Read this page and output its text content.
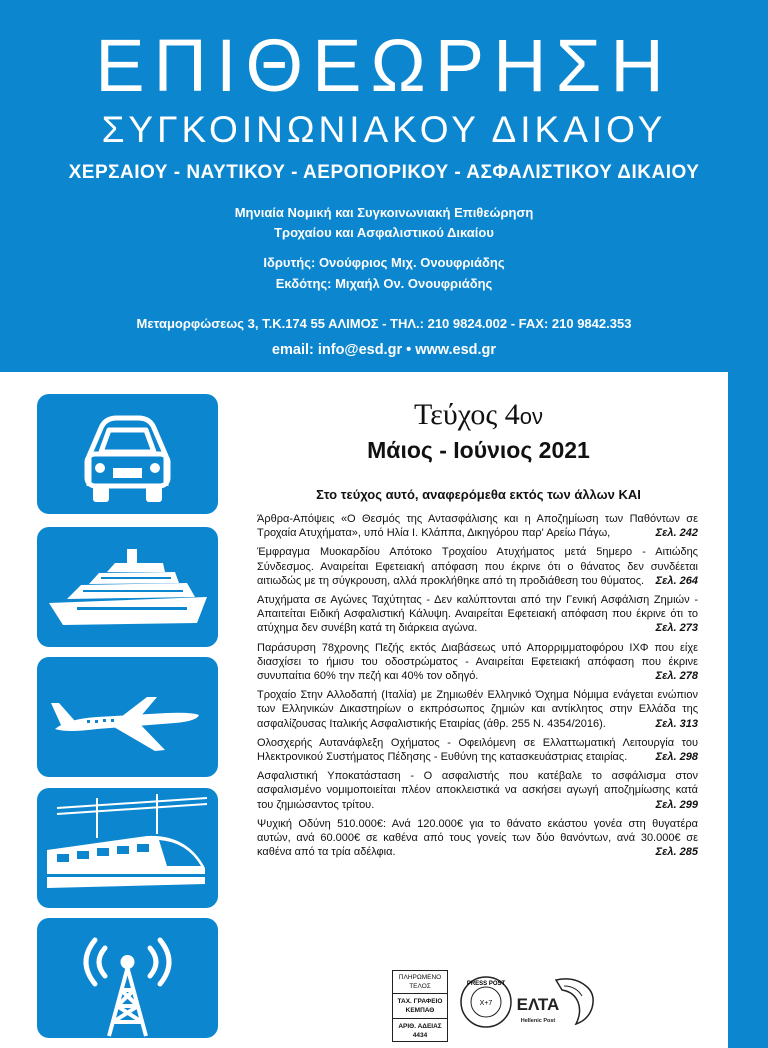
ΕΠΙΘΕΩΡΗΣΗ
ΣΥΓΚΟΙΝΩΝΙΑΚΟΥ ΔΙΚΑΙΟΥ
ΧΕΡΣΑΙΟΥ - ΝΑΥΤΙΚΟΥ - ΑΕΡΟΠΟΡΙΚΟΥ - ΑΣΦΑΛΙΣΤΙΚΟΥ ΔΙΚΑΙΟΥ
Μηνιαία Νομική και Συγκοινωνιακή Επιθεώρηση
Τροχαίου και Ασφαλιστικού Δικαίου
Ιδρυτής: Ονούφριος Μιχ. Ονουφριάδης
Εκδότης: Μιχαήλ Ον. Ονουφριάδης
Μεταμορφώσεως 3, Τ.Κ.174 55 ΑΛΙΜΟΣ - ΤΗΛ.: 210 9824.002 - FAX: 210 9842.353
email: info@esd.gr • www.esd.gr
Τεύχος 4ον
Μάιος - Ιούνιος 2021
Στο τεύχος αυτό, αναφερόμεθα εκτός των άλλων ΚΑΙ
Άρθρα-Απόψεις «Ο Θεσμός της Αντασφάλισης και η Αποζημίωση των Παθόντων σε Τροχαία Ατυχήματα», υπό Ηλία Ι. Κλάππα, Δικηγόρου παρ' Αρείω Πάγω,	Σελ. 242
Έμφραγμα Μυοκαρδίου Απότοκο Τροχαίου Ατυχήματος μετά 5ημερο - Αιτιώδης Σύνδεσμος. Αναιρείται Εφετειακή απόφαση που έκρινε ότι ο θάνατος δεν συνδέεται αιτιωδώς με τη σύγκρουση, αλλά προκλήθηκε από τη προδιάθεση του θύματος. Σελ. 264
Ατυχήματα σε Αγώνες Ταχύτητας - Δεν καλύπτονται από την Γενική Ασφάλιση Ζημιών - Απαιτείται Ειδική Ασφαλιστική Κάλυψη. Αναιρείται Εφετειακή απόφαση που έκρινε ότι το ατύχημα δεν συνέβη κατά τη διάρκεια αγώνα.	Σελ. 273
Παράσυρση 78χρονης Πεζής εκτός Διαβάσεως υπό Απορριμματοφόρου ΙΧΦ που είχε διασχίσει το ήμισυ του οδοστρώματος - Αναιρείται Εφετειακή απόφαση που έκρινε συνυπαίτια 60% την πεζή και 40% τον οδηγό.	Σελ. 278
Τροχαίο Στην Αλλοδαπή (Ιταλία) με Ζημιωθέν Ελληνικό Όχημα Νόμιμα ενάγεται ενώπιον των Ελληνικών Δικαστηρίων ο εκπρόσωπος ζημιών και αντίκλητος στην Ελλάδα της ασφαλίζουσας Ιταλικής Ασφαλιστικής Εταιρίας (άθρ. 255 Ν. 4354/2016).	Σελ. 313
Ολοσχερής Αυτανάφλεξη Οχήματος - Οφειλόμενη σε Ελλαττωματική Λειτουργία του Ηλεκτρονικού Συστήματος Πέδησης - Ευθύνη της κατασκευάστριας εταιρίας.	Σελ. 298
Ασφαλιστική Υποκατάσταση - Ο ασφαλιστής που κατέβαλε το ασφάλισμα στον ασφαλισμένο νομιμοποιείται πλέον αποκλειστικά να ασκήσει αγωγή αποζημίωσης κατά του ζημιώσαντος τρίτου.	Σελ. 299
Ψυχική Οδύνη 510.000€: Ανά 120.000€ για το θάνατο εκάστου γονέα στη θυγατέρα αυτών, ανά 60.000€ σε καθένα από τους γονείς των δύο θανόντων, ανά 30.000€ σε καθένα από τα τρία αδέλφια.	Σελ. 285
ΠΛΗΡΩΜΕΝΟ ΤΕΛΟΣ
ΤΑΧ. ΓΡΑΦΕΙΟ ΚΕΜΠΑΘ
ΑΡΙΘ. ΑΔΕΙΑΣ 4434
PRESS POST
Χ+7 ΕΛΤΑ
Hellenic Post
